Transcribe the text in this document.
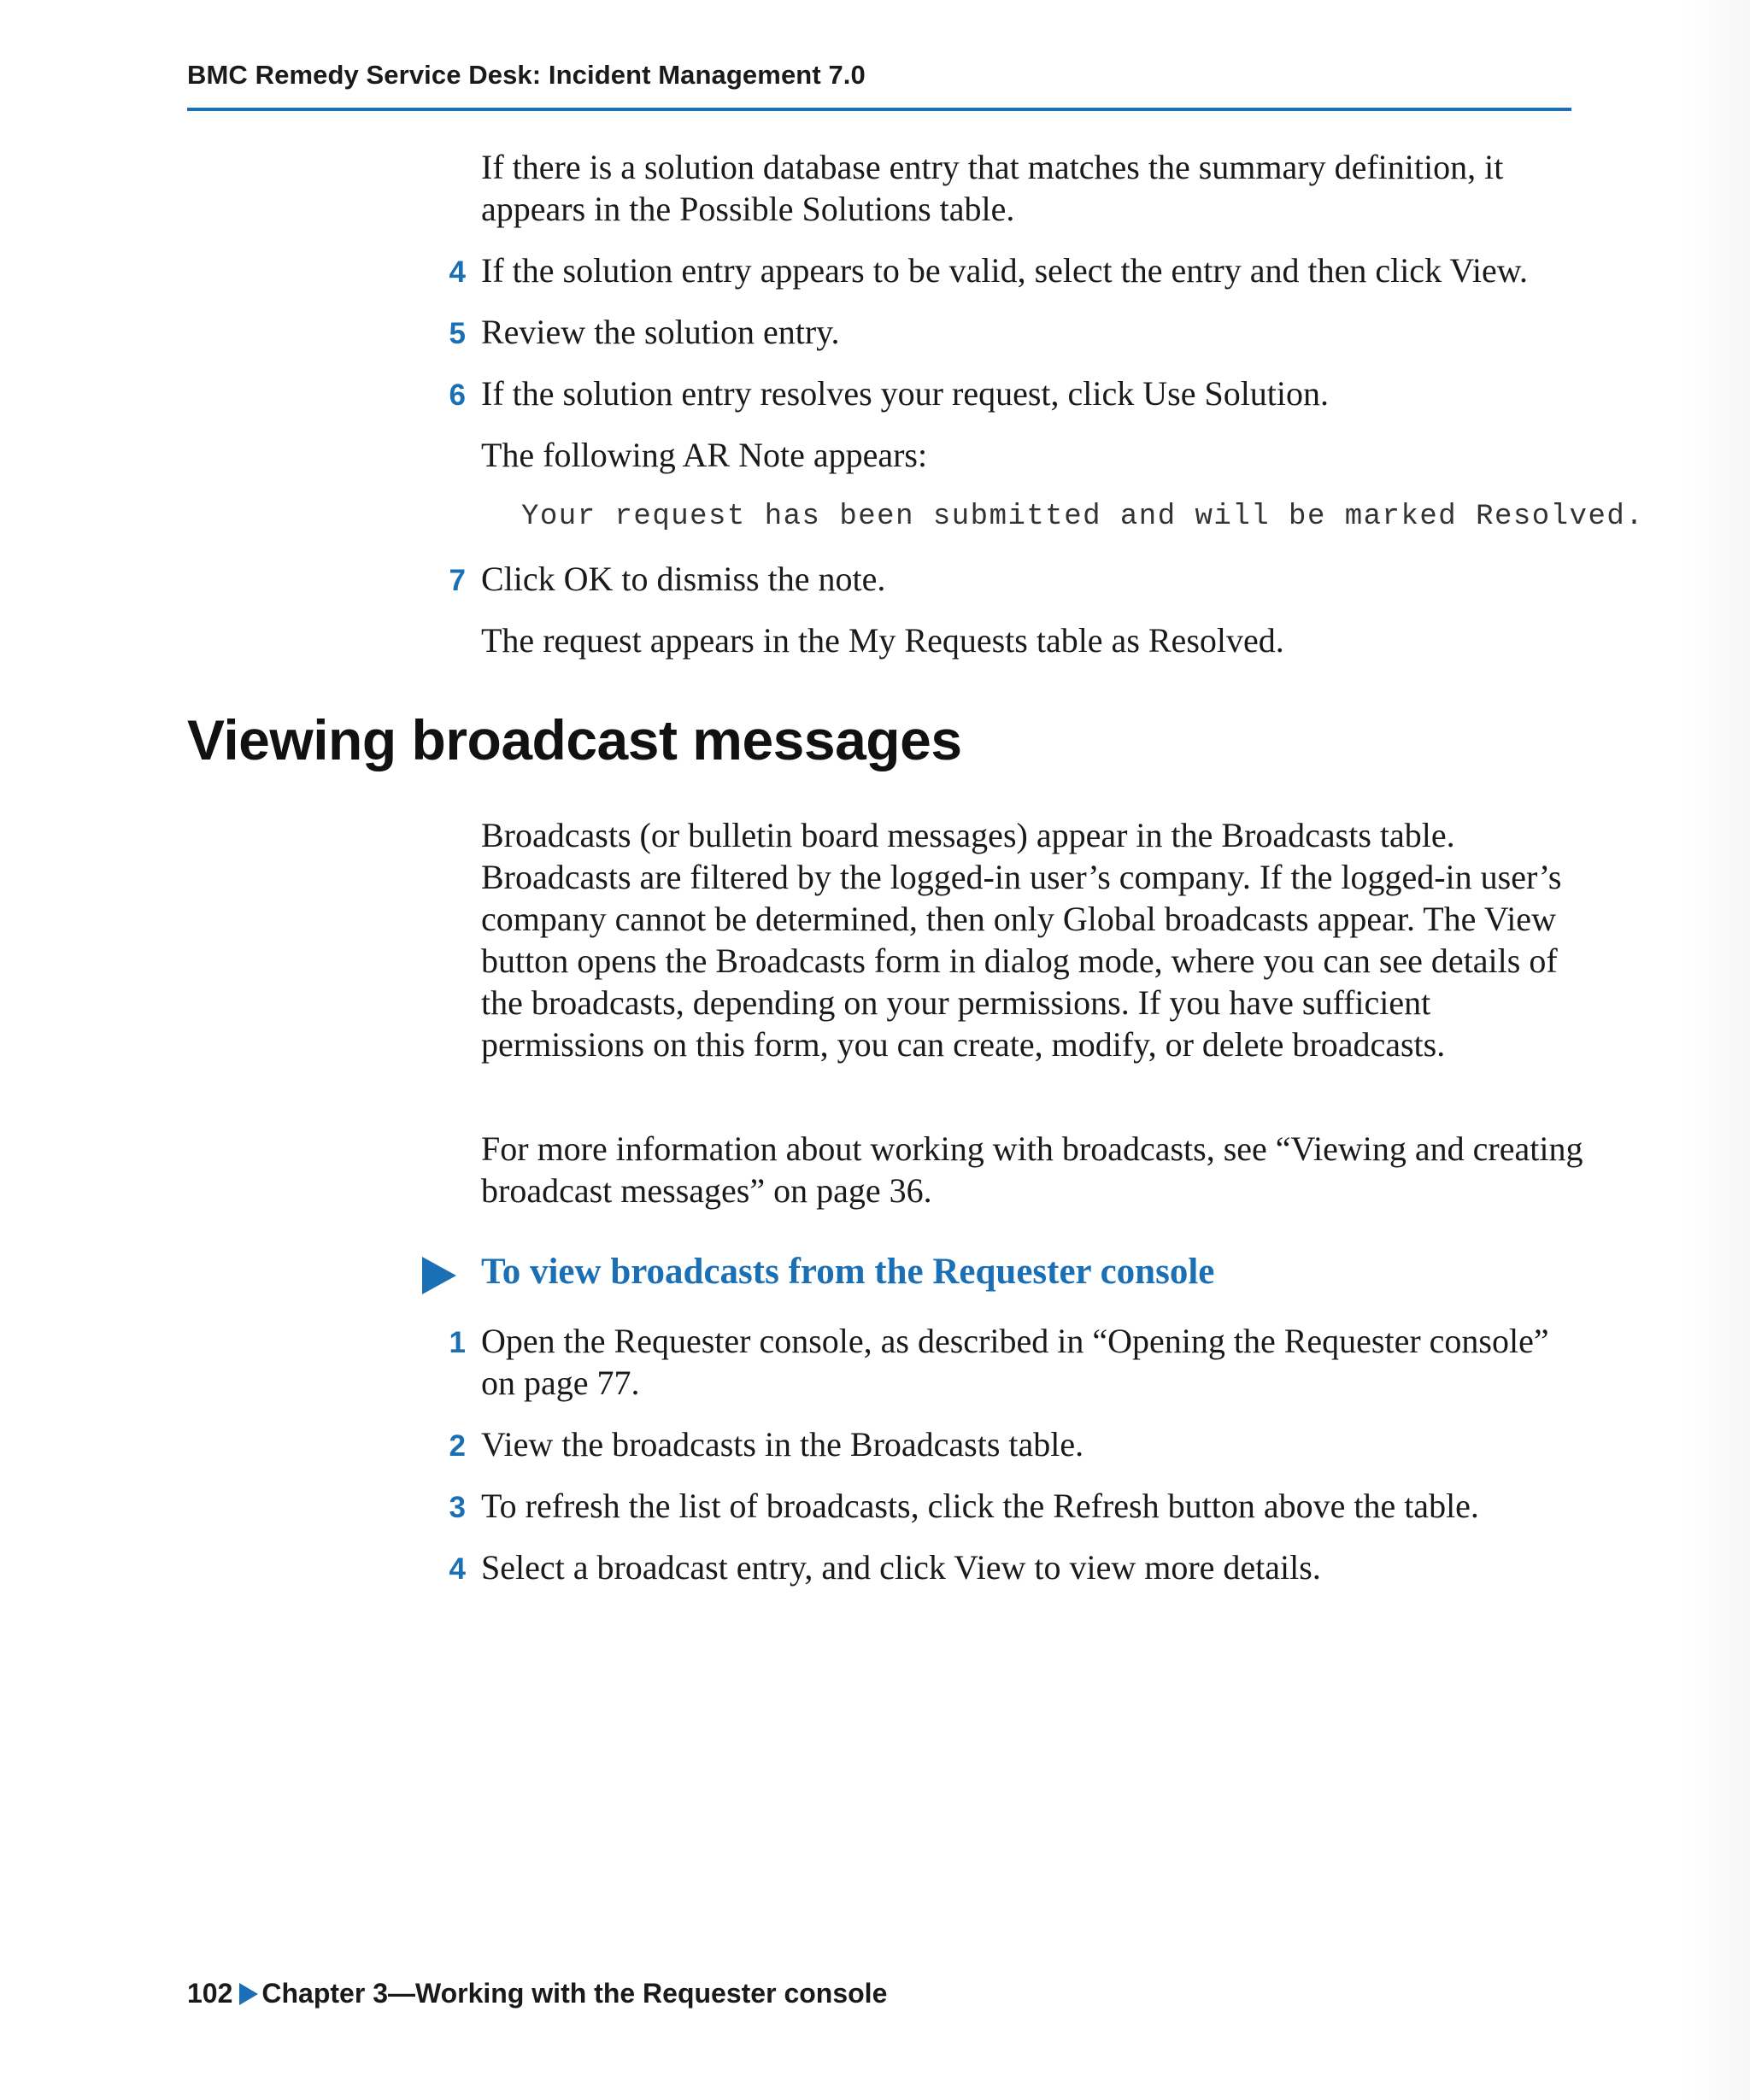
BMC Remedy Service Desk: Incident Management 7.0
If there is a solution database entry that matches the summary definition, it appears in the Possible Solutions table.
4 If the solution entry appears to be valid, select the entry and then click View.
5 Review the solution entry.
6 If the solution entry resolves your request, click Use Solution.
The following AR Note appears:
Your request has been submitted and will be marked Resolved.
7 Click OK to dismiss the note.
The request appears in the My Requests table as Resolved.
Viewing broadcast messages
Broadcasts (or bulletin board messages) appear in the Broadcasts table. Broadcasts are filtered by the logged-in user’s company. If the logged-in user’s company cannot be determined, then only Global broadcasts appear. The View button opens the Broadcasts form in dialog mode, where you can see details of the broadcasts, depending on your permissions. If you have sufficient permissions on this form, you can create, modify, or delete broadcasts.
For more information about working with broadcasts, see “Viewing and creating broadcast messages” on page 36.
To view broadcasts from the Requester console
1 Open the Requester console, as described in “Opening the Requester console” on page 77.
2 View the broadcasts in the Broadcasts table.
3 To refresh the list of broadcasts, click the Refresh button above the table.
4 Select a broadcast entry, and click View to view more details.
102 Chapter 3—Working with the Requester console
